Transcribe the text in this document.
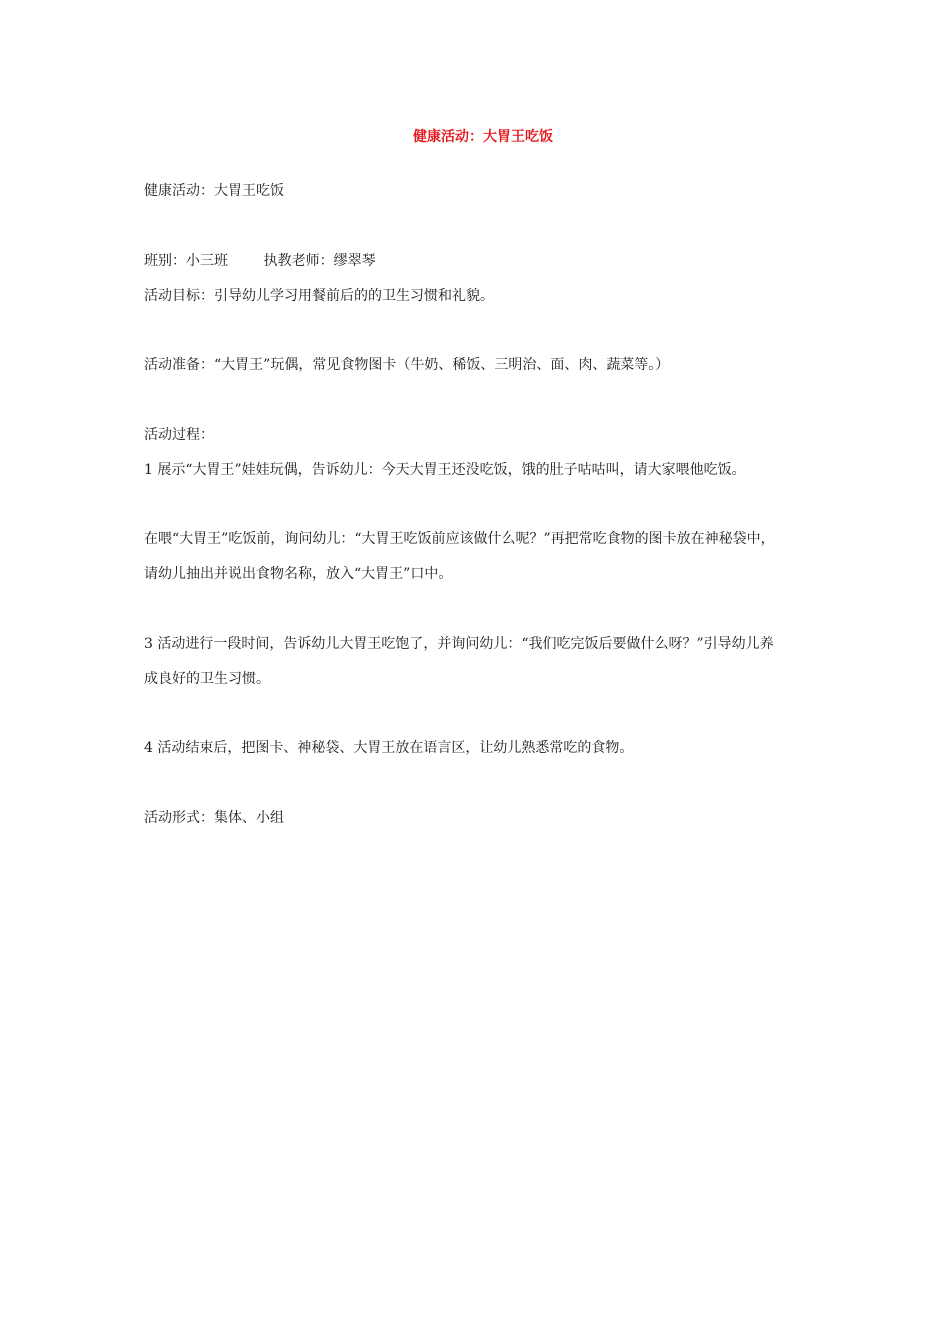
健康活动：大胃王吃饭

健康活动：大胃王吃饭

班别：小三班        执教老师：缪翠琴

活动目标：引导幼儿学习用餐前后的的卫生习惯和礼貌。

活动准备：“大胃王”玩偶，常见食物图卡（牛奶、稀饭、三明治、面、肉、蔬菜等。）

活动过程：

1 展示“大胃王”娃娃玩偶，告诉幼儿：今天大胃王还没吃饭，饿的肚子咕咕叫，请大家喂他吃饭。

在喂“大胃王”吃饭前，询问幼儿：“大胃王吃饭前应该做什么呢？”再把常吃食物的图卡放在神秘袋中，

请幼儿抽出并说出食物名称，放入“大胃王”口中。

3 活动进行一段时间，告诉幼儿大胃王吃饱了，并询问幼儿：“我们吃完饭后要做什么呀？”引导幼儿养

成良好的卫生习惯。

4 活动结束后，把图卡、神秘袋、大胃王放在语言区，让幼儿熟悉常吃的食物。

活动形式：集体、小组
